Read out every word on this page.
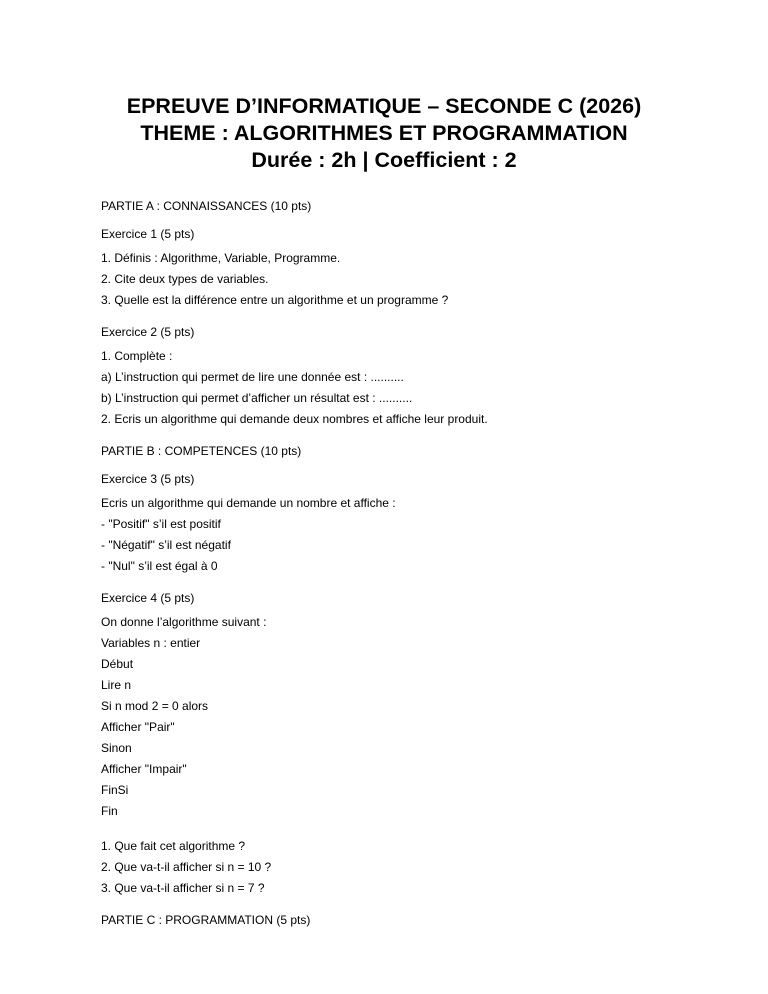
EPREUVE D’INFORMATIQUE – SECONDE C (2026)

THEME : ALGORITHMES ET PROGRAMMATION

Durée : 2h | Coefficient : 2

PARTIE A : CONNAISSANCES (10 pts)

Exercice 1 (5 pts)

1. Définis : Algorithme, Variable, Programme.

2. Cite deux types de variables.

3. Quelle est la différence entre un algorithme et un programme ?

Exercice 2 (5 pts)

1. Complète :

a) L’instruction qui permet de lire une donnée est : ..........

b) L’instruction qui permet d’afficher un résultat est : ..........

2. Ecris un algorithme qui demande deux nombres et affiche leur produit.

PARTIE B : COMPETENCES (10 pts)

Exercice 3 (5 pts)

Ecris un algorithme qui demande un nombre et affiche :

- "Positif" s’il est positif

- "Négatif" s’il est négatif

- "Nul" s’il est égal à 0

Exercice 4 (5 pts)

On donne l’algorithme suivant :

Variables n : entier

Début

Lire n

Si n mod 2 = 0 alors

Afficher "Pair"

Sinon

Afficher "Impair"

FinSi

Fin

1. Que fait cet algorithme ?

2. Que va-t-il afficher si n = 10 ?

3. Que va-t-il afficher si n = 7 ?

PARTIE C : PROGRAMMATION (5 pts)
